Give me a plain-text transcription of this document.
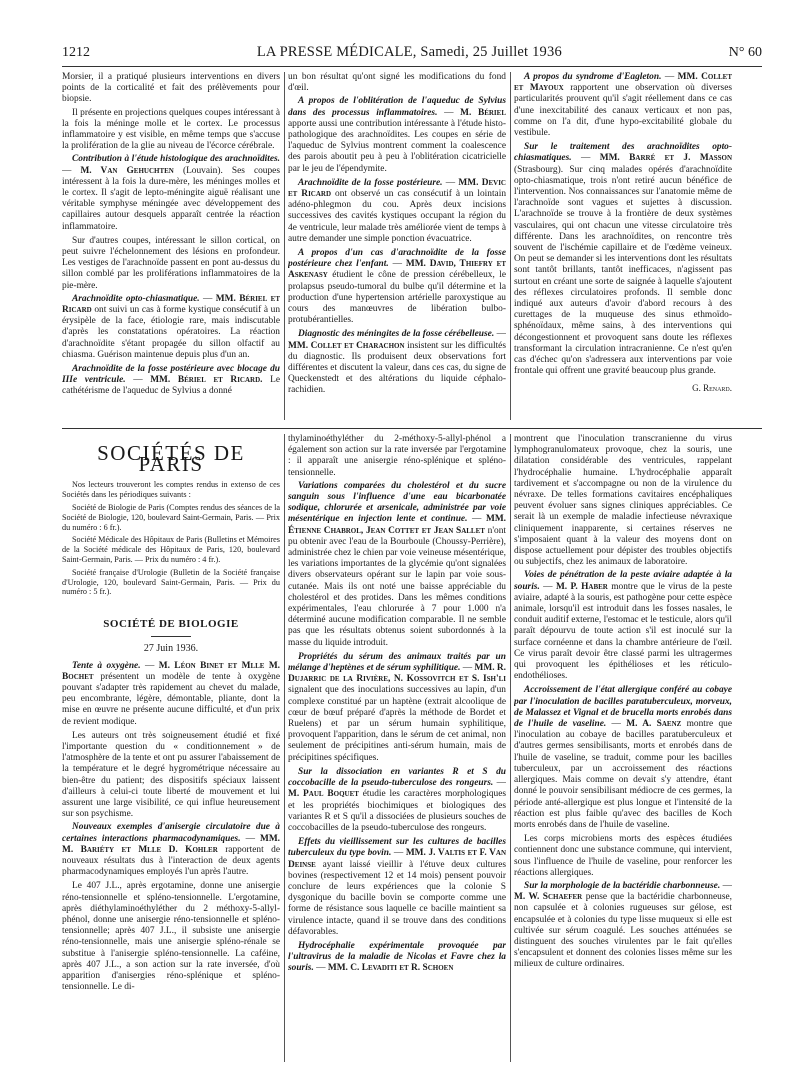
1212	LA PRESSE MÉDICALE, Samedi, 25 Juillet 1936	N° 60

Morsier, il a pratiqué plusieurs interventions en divers points de la corticalité et fait des prélèvements pour biopsie.

Il présente en projections quelques coupes intéressant à la fois la méninge molle et le cortex. Le processus inflammatoire y est visible, en même temps que s'accuse la prolifération de la glie au niveau de l'écorce cérébrale.

Contribution à l'étude histologique des arachnoïdites. — M. Van Gehuchten (Louvain). Ses coupes intéressent à la fois la dure-mère, les méninges molles et le cortex. Il s'agit de lepto-méningite aiguë réalisant une véritable symphyse méningée avec développement des capillaires autour desquels apparaît centrée la réaction inflammatoire.

Sur d'autres coupes, intéressant le sillon cortical, on peut suivre l'échelonnement des lésions en profondeur. Les vestiges de l'arachnoïde passent en pont au-dessus du sillon comblé par les proliférations inflammatoires de la pie-mère.

Arachnoïdite opto-chiasmatique. — MM. Bériel et Ricard ont suivi un cas à forme kystique consécutif à un érysipèle de la face, étiologie rare, mais indiscutable d'après les constatations opératoires. La réaction d'arachnoïdite s'étant propagée du sillon olfactif au chiasma. Guérison maintenue depuis plus d'un an.
Arachnoïdite de la fosse postérieure avec blocage du IIIe ventricule. — MM. Bériel et Ricard. Le cathétérisme de l'aqueduc de Sylvius a donné

un bon résultat qu'ont signé les modifications du fond d'œil.

A propos de l'oblitération de l'aqueduc de Sylvius dans des processus inflammatoires. — M. Bériel apporte aussi une contribution intéressante à l'étude histo-pathologique des arachnoïdites. Les coupes en série de l'aqueduc de Sylvius montrent comment la coalescence des parois aboutit peu à peu à l'oblitération cicatricielle par le jeu de l'épendymite.
Arachnoïdite de la fosse postérieure. — MM. Devic et Ricard ont observé un cas consécutif à un lointain adéno-phlegmon du cou. Après deux incisions successives des cavités kystiques occupant la région du 4e ventricule, leur malade très améliorée vient de temps à autre demander une simple ponction évacuatrice.
A propos d'un cas d'arachnoïdite de la fosse postérieure chez l'enfant. — MM. David, Thiefry et Askenasy étudient le cône de pression cérébelleux, le prolapsus pseudo-tumoral du bulbe qu'il détermine et la production d'une hypertension artérielle paroxystique au cours des manœuvres de libération bulbo-protubérantielles.
Diagnostic des méningites de la fosse cérébelleuse. — MM. Collet et Charachon insistent sur les difficultés du diagnostic. Ils produisent deux observations fort différentes et discutent la valeur, dans ces cas, du signe de Queckenstedt et des altérations du liquide céphalo-rachidien.
A propos du syndrome d'Eagleton. — MM. Collet et Mayoux rapportent une observation où diverses particularités prouvent qu'il s'agit réellement dans ce cas d'une inexcitabilité des canaux verticaux et non pas, comme on l'a dit, d'une hypo-excitabilité globale du vestibule.
Sur le traitement des arachnoïdites opto-chiasmatiques. — MM. Barré et J. Masson (Strasbourg). Sur cinq malades opérés d'arachnoïdite opto-chiasmatique, trois n'ont retiré aucun bénéfice de l'intervention. Nos connaissances sur l'anatomie même de l'arachnoïde sont vagues et sujettes à discussion. L'arachnoïde se trouve à la frontière de deux systèmes vasculaires, qui ont chacun une vitesse circulatoire très différente. Dans les arachnoïdites, on rencontre très souvent de l'ischémie capillaire et de l'œdème veineux. On peut se demander si les interventions dont les résultats sont tantôt brillants, tantôt inefficaces, n'agissent pas surtout en créant une sorte de saignée à laquelle s'ajoutent des réflexes circulatoires profonds. Il semble donc indiqué aux auteurs d'avoir d'abord recours à des curettages de la muqueuse des sinus ethmoïdo-sphénoïdaux, même sains, à des interventions qui décongestionnent et provoquent sans doute les réflexes transformant la circulation intracranienne. Ce n'est qu'en cas d'échec qu'on s'adressera aux interventions par voie frontale qui offrent une gravité beaucoup plus grande.
G. Renard.
SOCIÉTÉS DE PARIS

Nos lecteurs trouveront les comptes rendus in extenso de ces Sociétés dans les périodiques suivants :

Société de Biologie de Paris (Comptes rendus des séances de la Société de Biologie, 120, boulevard Saint-Germain, Paris. — Prix du numéro : 6 fr.).

Société Médicale des Hôpitaux de Paris (Bulletins et Mémoires de la Société médicale des Hôpitaux de Paris, 120, boulevard Saint-Germain, Paris. — Prix du numéro : 4 fr.).

Société française d'Urologie (Bulletin de la Société française d'Urologie, 120, boulevard Saint-Germain, Paris. — Prix du numéro : 5 fr.).

SOCIÉTÉ DE BIOLOGIE
27 Juin 1936.
Tente à oxygène. — M. Léon Binet et Mlle M. Bochet présentent un modèle de tente à oxygène pouvant s'adapter très rapidement au chevet du malade, peu encombrante, légère, démontable, pliante, dont la mise en œuvre ne présente aucune difficulté, et d'un prix de revient modique.

Les auteurs ont très soigneusement étudié et fixé l'importante question du « conditionnement » de l'atmosphère de la tente et ont pu assurer l'abaissement de la température et le degré hygrométrique nécessaire au bien-être du patient; des dispositifs spéciaux laissent d'ailleurs à celui-ci toute liberté de mouvement et lui assurent une large visibilité, ce qui influe heureusement sur son psychisme.

Nouveaux exemples d'anisergie circulatoire due à certaines interactions pharmacodynamiques. — MM. M. Bariéty et Mlle D. Kohler rapportent de nouveaux résultats dus à l'interaction de deux agents pharmacodynamiques employés l'un après l'autre.

Le 407 J.L., après ergotamine, donne une anisergie réno-tensionnelle et spléno-tensionnelle. L'ergotamine, après diéthylaminoéthyléther du 2 méthoxy-5-allyl-phénol, donne une anisergie réno-tensionnelle et spléno-tensionnelle; après 407 J.L., il subsiste une anisergie réno-tensionnelle, mais une anisergie spléno-rénale se substitue à l'anisergie spléno-tensionnelle. La caféine, après 407 J.L., a son action sur la rate inversée, d'où apparition d'anisergies réno-splénique et spléno-tensionnelle. Le di-

thylaminoéthyléther du 2-méthoxy-5-allyl-phénol a également son action sur la rate inversée par l'ergotamine : il apparaît une anisergie réno-splénique et spléno-tensionnelle.

Variations comparées du cholestérol et du sucre sanguin sous l'influence d'une eau bicarbonatée sodique, chlorurée et arsenicale, administrée par voie mésentérique en injection lente et continue. — MM. Étienne Chabrol, Jean Cottet et Jean Sallet n'ont pu obtenir avec l'eau de la Bourboule (Choussy-Perrière), administrée chez le chien par voie veineuse mésentérique, les variations importantes de la glycémie qu'ont signalées divers observateurs opérant sur le lapin par voie sous-cutanée. Mais ils ont noté une baisse appréciable du cholestérol et des protides. Dans les mêmes conditions expérimentales, l'eau chlorurée à 7 pour 1.000 n'a déterminé aucune modification comparable. Il ne semble pas que les résultats obtenus soient subordonnés à la masse du liquide introduit.
Propriétés du sérum des animaux traités par un mélange d'heptènes et de sérum syphilitique. — MM. R. Dujarric de la Rivière, N. Kossovitch et S. Ish'li signalent que des inoculations successives au lapin, d'un complexe constitué par un haptène (extrait alcoolique de cœur de bœuf préparé d'après la méthode de Bordet et Ruelens) et par un sérum humain syphilitique, provoquent l'apparition, dans le sérum de cet animal, non seulement de précipitines anti-sérum humain, mais de précipitines spécifiques.
Sur la dissociation en variantes R et S du coccobacille de la pseudo-tuberculose des rongeurs. — M. Paul Boquet étudie les caractères morphologiques et les propriétés biochimiques et biologiques des variantes R et S qu'il a dissociées de plusieurs souches de coccobacilles de la pseudo-tuberculose des rongeurs.
Effets du vieillissement sur les cultures de bacilles tuberculeux du type bovin. — MM. J. Valtis et F. Van Deinse ayant laissé vieillir à l'étuve deux cultures bovines (respectivement 12 et 14 mois) pensent pouvoir conclure de leurs expériences que la colonie S dysgonique du bacille bovin se comporte comme une forme de résistance sous laquelle ce bacille maintient sa virulence intacte, quand il se trouve dans des conditions défavorables.
Hydrocéphalie expérimentale provoquée par l'ultravirus de la maladie de Nicolas et Favre chez la souris. — MM. C. Levaditi et R. Schoen

montrent que l'inoculation transcranienne du virus lymphogranulomateux provoque, chez la souris, une dilatation considérable des ventricules, rappelant l'hydrocéphalie humaine. L'hydrocéphalie apparaît tardivement et s'accompagne ou non de la virulence du névraxe. De telles formations cavitaires encéphaliques peuvent évoluer sans signes cliniques appréciables. Ce serait là un exemple de maladie infectieuse névraxique cliniquement inapparente, si certaines réserves ne s'imposaient quant à la valeur des moyens dont on dispose actuellement pour dépister des troubles objectifs ou subjectifs, chez les animaux de laboratoire.

Voies de pénétration de la peste aviaire adaptée à la souris. — M. P. Haber montre que le virus de la peste aviaire, adapté à la souris, est pathogène pour cette espèce animale, lorsqu'il est introduit dans les fosses nasales, le conduit auditif externe, l'estomac et le testicule, alors qu'il paraît dépourvu de toute action s'il est inoculé sur la surface cornéenne et dans la chambre antérieure de l'œil. Ce virus paraît devoir être classé parmi les ultragermes qui provoquent les épithélioses et les réticulo-endothélioses.
Accroissement de l'état allergique conféré au cobaye par l'inoculation de bacilles paratuberculeux, morveux, de Malassez et Vignal et de brucella morts enrobés dans de l'huile de vaseline. — M. A. Saenz montre que l'inoculation au cobaye de bacilles paratuberculeux et d'autres germes sensibilisants, morts et enrobés dans de l'huile de vaseline, se traduit, comme pour les bacilles tuberculeux, par un accroissement des réactions allergiques. Mais comme on devait s'y attendre, étant donné le pouvoir sensibilisant médiocre de ces germes, la période anté-allergique est plus longue et l'intensité de la réaction est plus faible qu'avec des bacilles de Koch morts enrobés dans de l'huile de vaseline.

Les corps microbiens morts des espèces étudiées contiennent donc une substance commune, qui intervient, sous l'influence de l'huile de vaseline, pour renforcer les réactions allergiques.

Sur la morphologie de la bactéridie charbonneuse. — M. W. Schaefer pense que la bactéridie charbonneuse, non capsulée et à colonies rugueuses sur gélose, est encapsulée et à colonies du type lisse muqueux si elle est cultivée sur sérum coagulé. Les souches atténuées se distinguent des souches virulentes par le fait qu'elles s'encapsulent et donnent des colonies lisses même sur les milieux de culture ordinaires.
